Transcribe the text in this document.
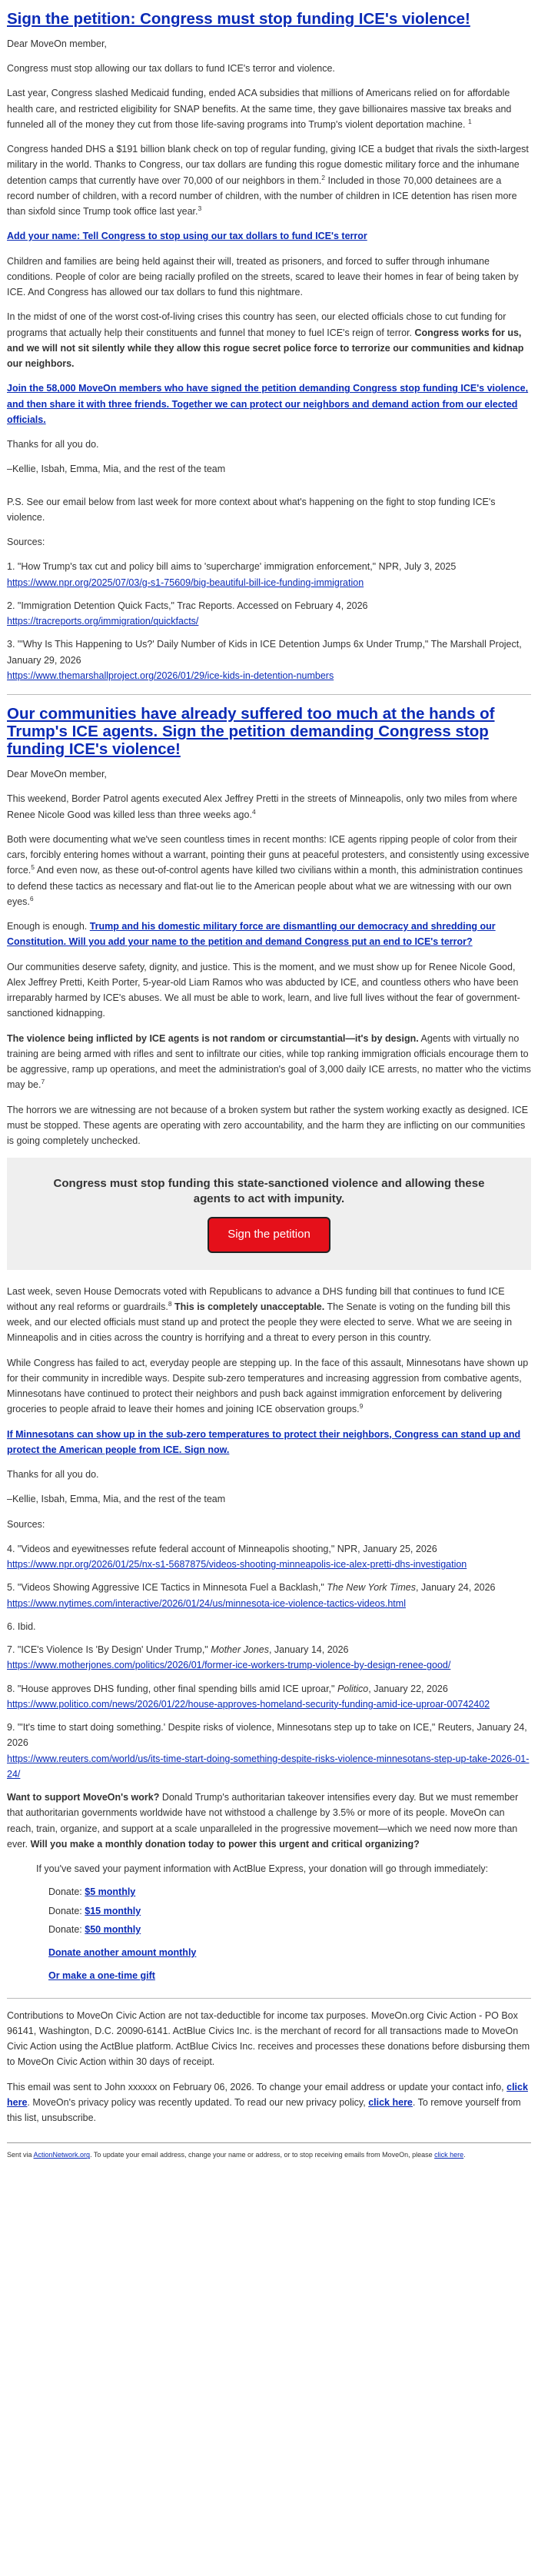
Sign the petition: Congress must stop funding ICE's violence!

Dear MoveOn member,

Congress must stop allowing our tax dollars to fund ICE's terror and violence.

Last year, Congress slashed Medicaid funding, ended ACA subsidies that millions of Americans relied on for affordable health care, and restricted eligibility for SNAP benefits. At the same time, they gave billionaires massive tax breaks and funneled all of the money they cut from those life-saving programs into Trump's violent deportation machine. $^1$

Congress handed DHS a $191 billion blank check on top of regular funding, giving ICE a budget that rivals the sixth-largest military in the world. Thanks to Congress, our tax dollars are funding this rogue domestic military force and the inhumane detention camps that currently have over 70,000 of our neighbors in them.$^2$ Included in those 70,000 detainees are a record number of children, with a record number of children, with the number of children in ICE detention has risen more than sixfold since Trump took office last year.$^3$

Add your name: Tell Congress to stop using our tax dollars to fund ICE's terror

Children and families are being held against their will, treated as prisoners, and forced to suffer through inhumane conditions. People of color are being racially profiled on the streets, scared to leave their homes in fear of being taken by ICE. And Congress has allowed our tax dollars to fund this nightmare.

In the midst of one of the worst cost-of-living crises this country has seen, our elected officials chose to cut funding for programs that actually help their constituents and funnel that money to fuel ICE's reign of terror. Congress works for us, and we will not sit silently while they allow this rogue secret police force to terrorize our communities and kidnap our neighbors.

Join the 58,000 MoveOn members who have signed the petition demanding Congress stop funding ICE's violence, and then share it with three friends. Together we can protect our neighbors and demand action from our elected officials.

Thanks for all you do.

–Kellie, Isbah, Emma, Mia, and the rest of the team

P.S. See our email below from last week for more context about what's happening on the fight to stop funding ICE's violence.

Sources:

1. "How Trump's tax cut and policy bill aims to 'supercharge' immigration enforcement," NPR, July 3, 2025
https://www.npr.org/2025/07/03/g-s1-75609/big-beautiful-bill-ice-funding-immigration
2. "Immigration Detention Quick Facts," Trac Reports. Accessed on February 4, 2026
https://tracreports.org/immigration/quickfacts/
3. "'Why Is This Happening to Us?' Daily Number of Kids in ICE Detention Jumps 6x Under Trump," The Marshall Project, January 29, 2026
https://www.themarshallproject.org/2026/01/29/ice-kids-in-detention-numbers
Our communities have already suffered too much at the hands of Trump's ICE agents. Sign the petition demanding Congress stop funding ICE's violence!

Dear MoveOn member,

This weekend, Border Patrol agents executed Alex Jeffrey Pretti in the streets of Minneapolis, only two miles from where Renee Nicole Good was killed less than three weeks ago.$^4$

Both were documenting what we've seen countless times in recent months: ICE agents ripping people of color from their cars, forcibly entering homes without a warrant, pointing their guns at peaceful protesters, and consistently using excessive force.$^5$ And even now, as these out-of-control agents have killed two civilians within a month, this administration continues to defend these tactics as necessary and flat-out lie to the American people about what we are witnessing with our own eyes.$^6$

Enough is enough. Trump and his domestic military force are dismantling our democracy and shredding our Constitution. Will you add your name to the petition and demand Congress put an end to ICE's terror?

Our communities deserve safety, dignity, and justice. This is the moment, and we must show up for Renee Nicole Good, Alex Jeffrey Pretti, Keith Porter, 5-year-old Liam Ramos who was abducted by ICE, and countless others who have been irreparably harmed by ICE's abuses. We all must be able to work, learn, and live full lives without the fear of government-sanctioned kidnapping.

The violence being inflicted by ICE agents is not random or circumstantial—it's by design. Agents with virtually no training are being armed with rifles and sent to infiltrate our cities, while top ranking immigration officials encourage them to be aggressive, ramp up operations, and meet the administration's goal of 3,000 daily ICE arrests, no matter who the victims may be.$^7$

The horrors we are witnessing are not because of a broken system but rather the system working exactly as designed. ICE must be stopped. These agents are operating with zero accountability, and the harm they are inflicting on our communities is going completely unchecked.

Congress must stop funding this state-sanctioned violence and allowing these agents to act with impunity.
Sign the petition

Last week, seven House Democrats voted with Republicans to advance a DHS funding bill that continues to fund ICE without any real reforms or guardrails.$^8$ This is completely unacceptable. The Senate is voting on the funding bill this week, and our elected officials must stand up and protect the people they were elected to serve. What we are seeing in Minneapolis and in cities across the country is horrifying and a threat to every person in this country.

While Congress has failed to act, everyday people are stepping up. In the face of this assault, Minnesotans have shown up for their community in incredible ways. Despite sub-zero temperatures and increasing aggression from combative agents, Minnesotans have continued to protect their neighbors and push back against immigration enforcement by delivering groceries to people afraid to leave their homes and joining ICE observation groups.$^9$

If Minnesotans can show up in the sub-zero temperatures to protect their neighbors, Congress can stand up and protect the American people from ICE. Sign now.

Thanks for all you do.

–Kellie, Isbah, Emma, Mia, and the rest of the team

Sources:

4. "Videos and eyewitnesses refute federal account of Minneapolis shooting," NPR, January 25, 2026
https://www.npr.org/2026/01/25/nx-s1-5687875/videos-shooting-minneapolis-ice-alex-pretti-dhs-investigation
5. "Videos Showing Aggressive ICE Tactics in Minnesota Fuel a Backlash," The New York Times, January 24, 2026
https://www.nytimes.com/interactive/2026/01/24/us/minnesota-ice-violence-tactics-videos.html
6. Ibid.
7. "ICE's Violence Is 'By Design' Under Trump," Mother Jones, January 14, 2026
https://www.motherjones.com/politics/2026/01/former-ice-workers-trump-violence-by-design-renee-good/
8. "House approves DHS funding, other final spending bills amid ICE uproar," Politico, January 22, 2026
https://www.politico.com/news/2026/01/22/house-approves-homeland-security-funding-amid-ice-uproar-00742402
9. "'It's time to start doing something.' Despite risks of violence, Minnesotans step up to take on ICE," Reuters, January 24, 2026
https://www.reuters.com/world/us/its-time-start-doing-something-despite-risks-violence-minnesotans-step-up-take-2026-01-24/

Want to support MoveOn's work? Donald Trump's authoritarian takeover intensifies every day. But we must remember that authoritarian governments worldwide have not withstood a challenge by 3.5% or more of its people. MoveOn can reach, train, organize, and support at a scale unparalleled in the progressive movement—which we need now more than ever. Will you make a monthly donation today to power this urgent and critical organizing?

If you've saved your payment information with ActBlue Express, your donation will go through immediately:

Donate: $5 monthly
Donate: $15 monthly
Donate: $50 monthly
Donate another amount monthly
Or make a one-time gift

Contributions to MoveOn Civic Action are not tax-deductible for income tax purposes. MoveOn.org Civic Action - PO Box 96141, Washington, D.C. 20090-6141. ActBlue Civics Inc. is the merchant of record for all transactions made to MoveOn Civic Action using the ActBlue platform. ActBlue Civics Inc. receives and processes these donations before disbursing them to MoveOn Civic Action within 30 days of receipt.

This email was sent to John xxxxxx on February 06, 2026. To change your email address or update your contact info, click here. MoveOn's privacy policy was recently updated. To read our new privacy policy, click here. To remove yourself from this list, unsubscribe.

Sent via ActionNetwork.org. To update your email address, change your name or address, or to stop receiving emails from MoveOn, please click here.
